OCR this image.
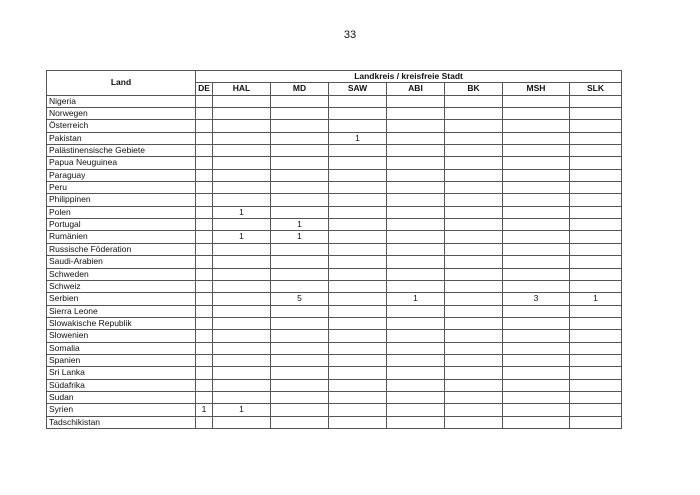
33
Land	Landkreis / kreisfreie Stadt							
	DE	HAL	MD	SAW	ABI	BK	MSH	SLK
Nigeria								
Norwegen								
Österreich								
Pakistan				1				
Palästinensische Gebiete								
Papua Neuguinea								
Paraguay								
Peru								
Philippinen								
Polen		1						
Portugal			1					
Rumänien		1	1					
Russische Föderation								
Saudi-Arabien								
Schweden								
Schweiz								
Serbien			5		1		3	1
Sierra Leone								
Slowakische Republik								
Slowenien								
Somalia								
Spanien								
Sri Lanka								
Südafrika								
Sudan								
Syrien	1	1						
Tadschikistan								
